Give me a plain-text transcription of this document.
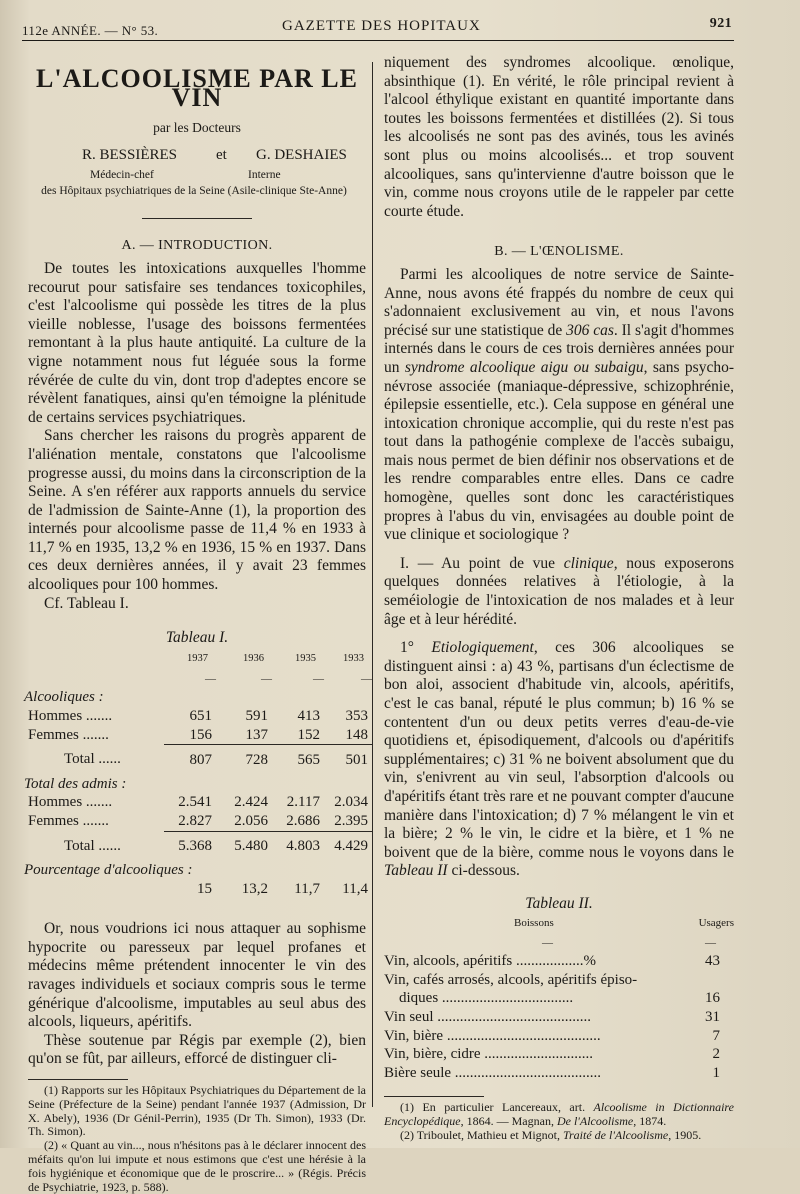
112e ANNÉE. — N° 53.	GAZETTE DES HOPITAUX	921
L'ALCOOLISME PAR LE VIN
par les Docteurs
R. BESSIÈRES	et G. DESHAIES
Médecin-chef	Interne
des Hôpitaux psychiatriques de la Seine (Asile-clinique Ste-Anne)
A. — INTRODUCTION.

De toutes les intoxications auxquelles l'homme recourut pour satisfaire ses tendances toxicophiles, c'est l'alcoolisme qui possède les titres de la plus vieille noblesse, l'usage des boissons fermentées remontant à la plus haute antiquité. La culture de la vigne notamment nous fut léguée sous la forme révérée de culte du vin, dont trop d'adeptes encore se révèlent fanatiques, ainsi qu'en témoigne la plénitude de certains services psychiatriques.

Sans chercher les raisons du progrès apparent de l'aliénation mentale, constatons que l'alcoolisme progresse aussi, du moins dans la circonscription de la Seine. A s'en référer aux rapports annuels du service de l'admission de Sainte-Anne (1), la proportion des internés pour alcoolisme passe de 11,4 % en 1933 à 11,7 % en 1935, 13,2 % en 1936, 15 % en 1937. Dans ces deux dernières années, il y avait 23 femmes alcooliques pour 100 hommes.

Cf. Tableau I.

Tableau I.
	1937	1936	1935	1933
	—	—	—	—
Alcooliques :				
Hommes .......	651	591	413	353
Femmes .......	156	137	152	148
Total ......	807	728	565	501
Total des admis :				
Hommes .......	2.541	2.424	2.117	2.034
Femmes .......	2.827	2.056	2.686	2.395
Total ......	5.368	5.480	4.803	4.429
Pourcentage d'alcooliques :				
	15	13,2	11,7	11,4

Or, nous voudrions ici nous attaquer au sophisme hypocrite ou paresseux par lequel profanes et médecins même prétendent innocenter le vin des ravages individuels et sociaux compris sous le terme générique d'alcoolisme, imputables au seul abus des alcools, liqueurs, apéritifs.

Thèse soutenue par Régis par exemple (2), bien qu'on se fût, par ailleurs, efforcé de distinguer cli-

(1) Rapports sur les Hôpitaux Psychiatriques du Département de la Seine (Préfecture de la Seine) pendant l'année 1937 (Admission, Dr X. Abely), 1936 (Dr Génil-Perrin), 1935 (Dr Th. Simon), 1933 (Dr. Th. Simon).

(2) « Quant au vin..., nous n'hésitons pas à le déclarer innocent des méfaits qu'on lui impute et nous estimons que c'est une hérésie à la fois hygiénique et économique que de le proscrire... » (Régis. Précis de Psychiatrie, 1923, p. 588).

niquement des syndromes alcoolique. œnolique, absinthique (1). En vérité, le rôle principal revient à l'alcool éthylique existant en quantité importante dans toutes les boissons fermentées et distillées (2). Si tous les alcoolisés ne sont pas des avinés, tous les avinés sont plus ou moins alcoolisés... et trop souvent alcooliques, sans qu'intervienne d'autre boisson que le vin, comme nous croyons utile de le rappeler par cette courte étude.

B. — L'ŒNOLISME.

Parmi les alcooliques de notre service de Sainte-Anne, nous avons été frappés du nombre de ceux qui s'adonnaient exclusivement au vin, et nous l'avons précisé sur une statistique de 306 cas. Il s'agit d'hommes internés dans le cours de ces trois dernières années pour un syndrome alcoolique aigu ou subaigu, sans psycho-névrose associée (maniaque-dépressive, schizophrénie, épilepsie essentielle, etc.). Cela suppose en général une intoxication chronique accomplie, qui du reste n'est pas tout dans la pathogénie complexe de l'accès subaigu, mais nous permet de bien définir nos observations et de les rendre comparables entre elles. Dans ce cadre homogène, quelles sont donc les caractéristiques propres à l'abus du vin, envisagées au double point de vue clinique et sociologique ?

I. — Au point de vue clinique, nous exposerons quelques données relatives à l'étiologie, à la seméiologie de l'intoxication de nos malades et à leur âge et à leur hérédité.

1° Etiologiquement, ces 306 alcooliques se distinguent ainsi : a) 43 %, partisans d'un éclectisme de bon aloi, associent d'habitude vin, alcools, apéritifs, c'est le cas banal, réputé le plus commun; b) 16 % se contentent d'un ou deux petits verres d'eau-de-vie quotidiens et, épisodiquement, d'alcools ou d'apéritifs supplémentaires; c) 31 % ne boivent absolument que du vin, s'enivrent au vin seul, l'absorption d'alcools ou d'apéritifs étant très rare et ne pouvant compter d'aucune manière dans l'intoxication; d) 7 % mélangent le vin et la bière; 2 % le vin, le cidre et la bière, et 1 % ne boivent que de la bière, comme nous le voyons dans le Tableau II ci-dessous.

Tableau II.
Boissons	Usagers
—	—
Vin, alcools, apéritifs ..................%	43
Vin, cafés arrosés, alcools, apéritifs épiso-	
diques ...................................	16
Vin seul .........................................	31
Vin, bière .........................................	7
Vin, bière, cidre .............................	2
Bière seule .......................................	1

(1) En particulier Lancereaux, art. Alcoolisme in Dictionnaire Encyclopédique, 1864. — Magnan, De l'Alcoolisme, 1874.

(2) Triboulet, Mathieu et Mignot, Traité de l'Alcoolisme, 1905.
